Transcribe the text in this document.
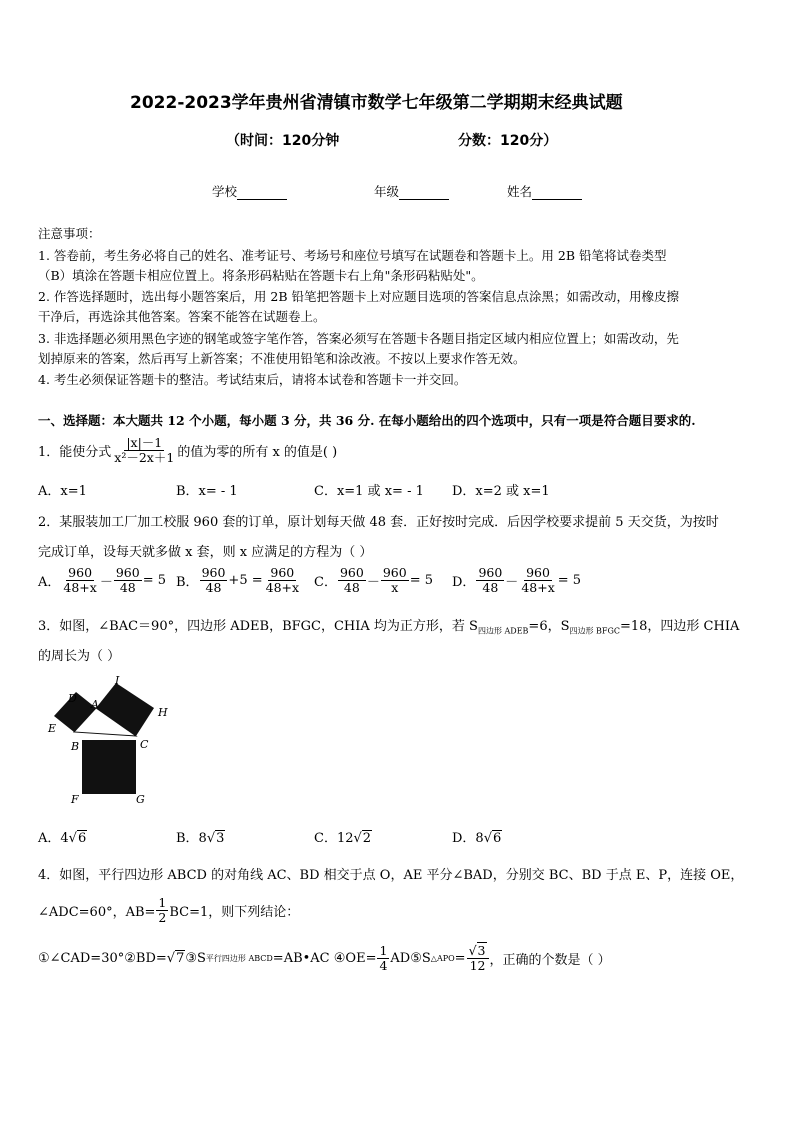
2022-2023学年贵州省清镇市数学七年级第二学期期末经典试题
（时间：120分钟	分数：120分）
学校	年级	姓名
注意事项：
1. 答卷前，考生务必将自己的姓名、准考证号、考场号和座位号填写在试题卷和答题卡上。用 2B 铅笔将试卷类型
（B）填涂在答题卡相应位置上。将条形码粘贴在答题卡右上角"条形码粘贴处"。
2. 作答选择题时，选出每小题答案后，用 2B 铅笔把答题卡上对应题目选项的答案信息点涂黑；如需改动，用橡皮擦
干净后，再选涂其他答案。答案不能答在试题卷上。
3. 非选择题必须用黑色字迹的钢笔或签字笔作答，答案必须写在答题卡各题目指定区域内相应位置上；如需改动，先
划掉原来的答案，然后再写上新答案；不准使用铅笔和涂改液。不按以上要求作答无效。
4. 考生必须保证答题卡的整洁。考试结束后，请将本试卷和答题卡一并交回。
一、选择题：本大题共 12 个小题，每小题 3 分，共 36 分. 在每小题给出的四个选项中，只有一项是符合题目要求的.
1．能使分式 $\frac{|x|-1}{\text{x²－2x＋1}}$ 的值为零的所有 x 的值是( )
A．x=1	B．x= - 1	C．x=1 或 x= - 1 D．x=2 或 x=1
2．某服装加工厂加工校服 960 套的订单，原计划每天做 48 套．正好按时完成．后因学校要求提前 5 天交货，为按时
完成订单，设每天就多做 x 套，则 x 应满足的方程为（ ）
A． $\frac{960}{48+x} - \frac{960}{48} = 5$ B． $\frac{960}{48} +5 = \frac{960}{48+x}$ C． $\frac{960}{48} - \frac{960}{x} = 5$ D． $\frac{960}{48} - \frac{960}{48+x} = 5$
3．如图，∠BAC＝90°，四边形 ADEB，BFGC，CHIA 均为正方形，若 $S_{四边形 ADEB}=6$，$S_{四边形 BFGC}=18$，四边形 CHIA
的周长为（ ）
D A
I
H
E
B	C
F	G
A．4√6	B．8√3	C．12√2	D．8√6
4．如图，平行四边形 ABCD 的对角线 AC、BD 相交于点 O，AE 平分∠BAD，分别交 BC、BD 于点 E、P，连接 OE，
∠ADC=60°，$AB= \frac{1}{2} BC=1$，则下列结论：
①∠CAD=30°②BD= √ 7 ③S 平行四边形 ABCD =AB•AC ④OE= $\frac{1}{4}$ AD⑤S △APO = $\frac{√3}{12}$ ，正确的个数是（ ）
